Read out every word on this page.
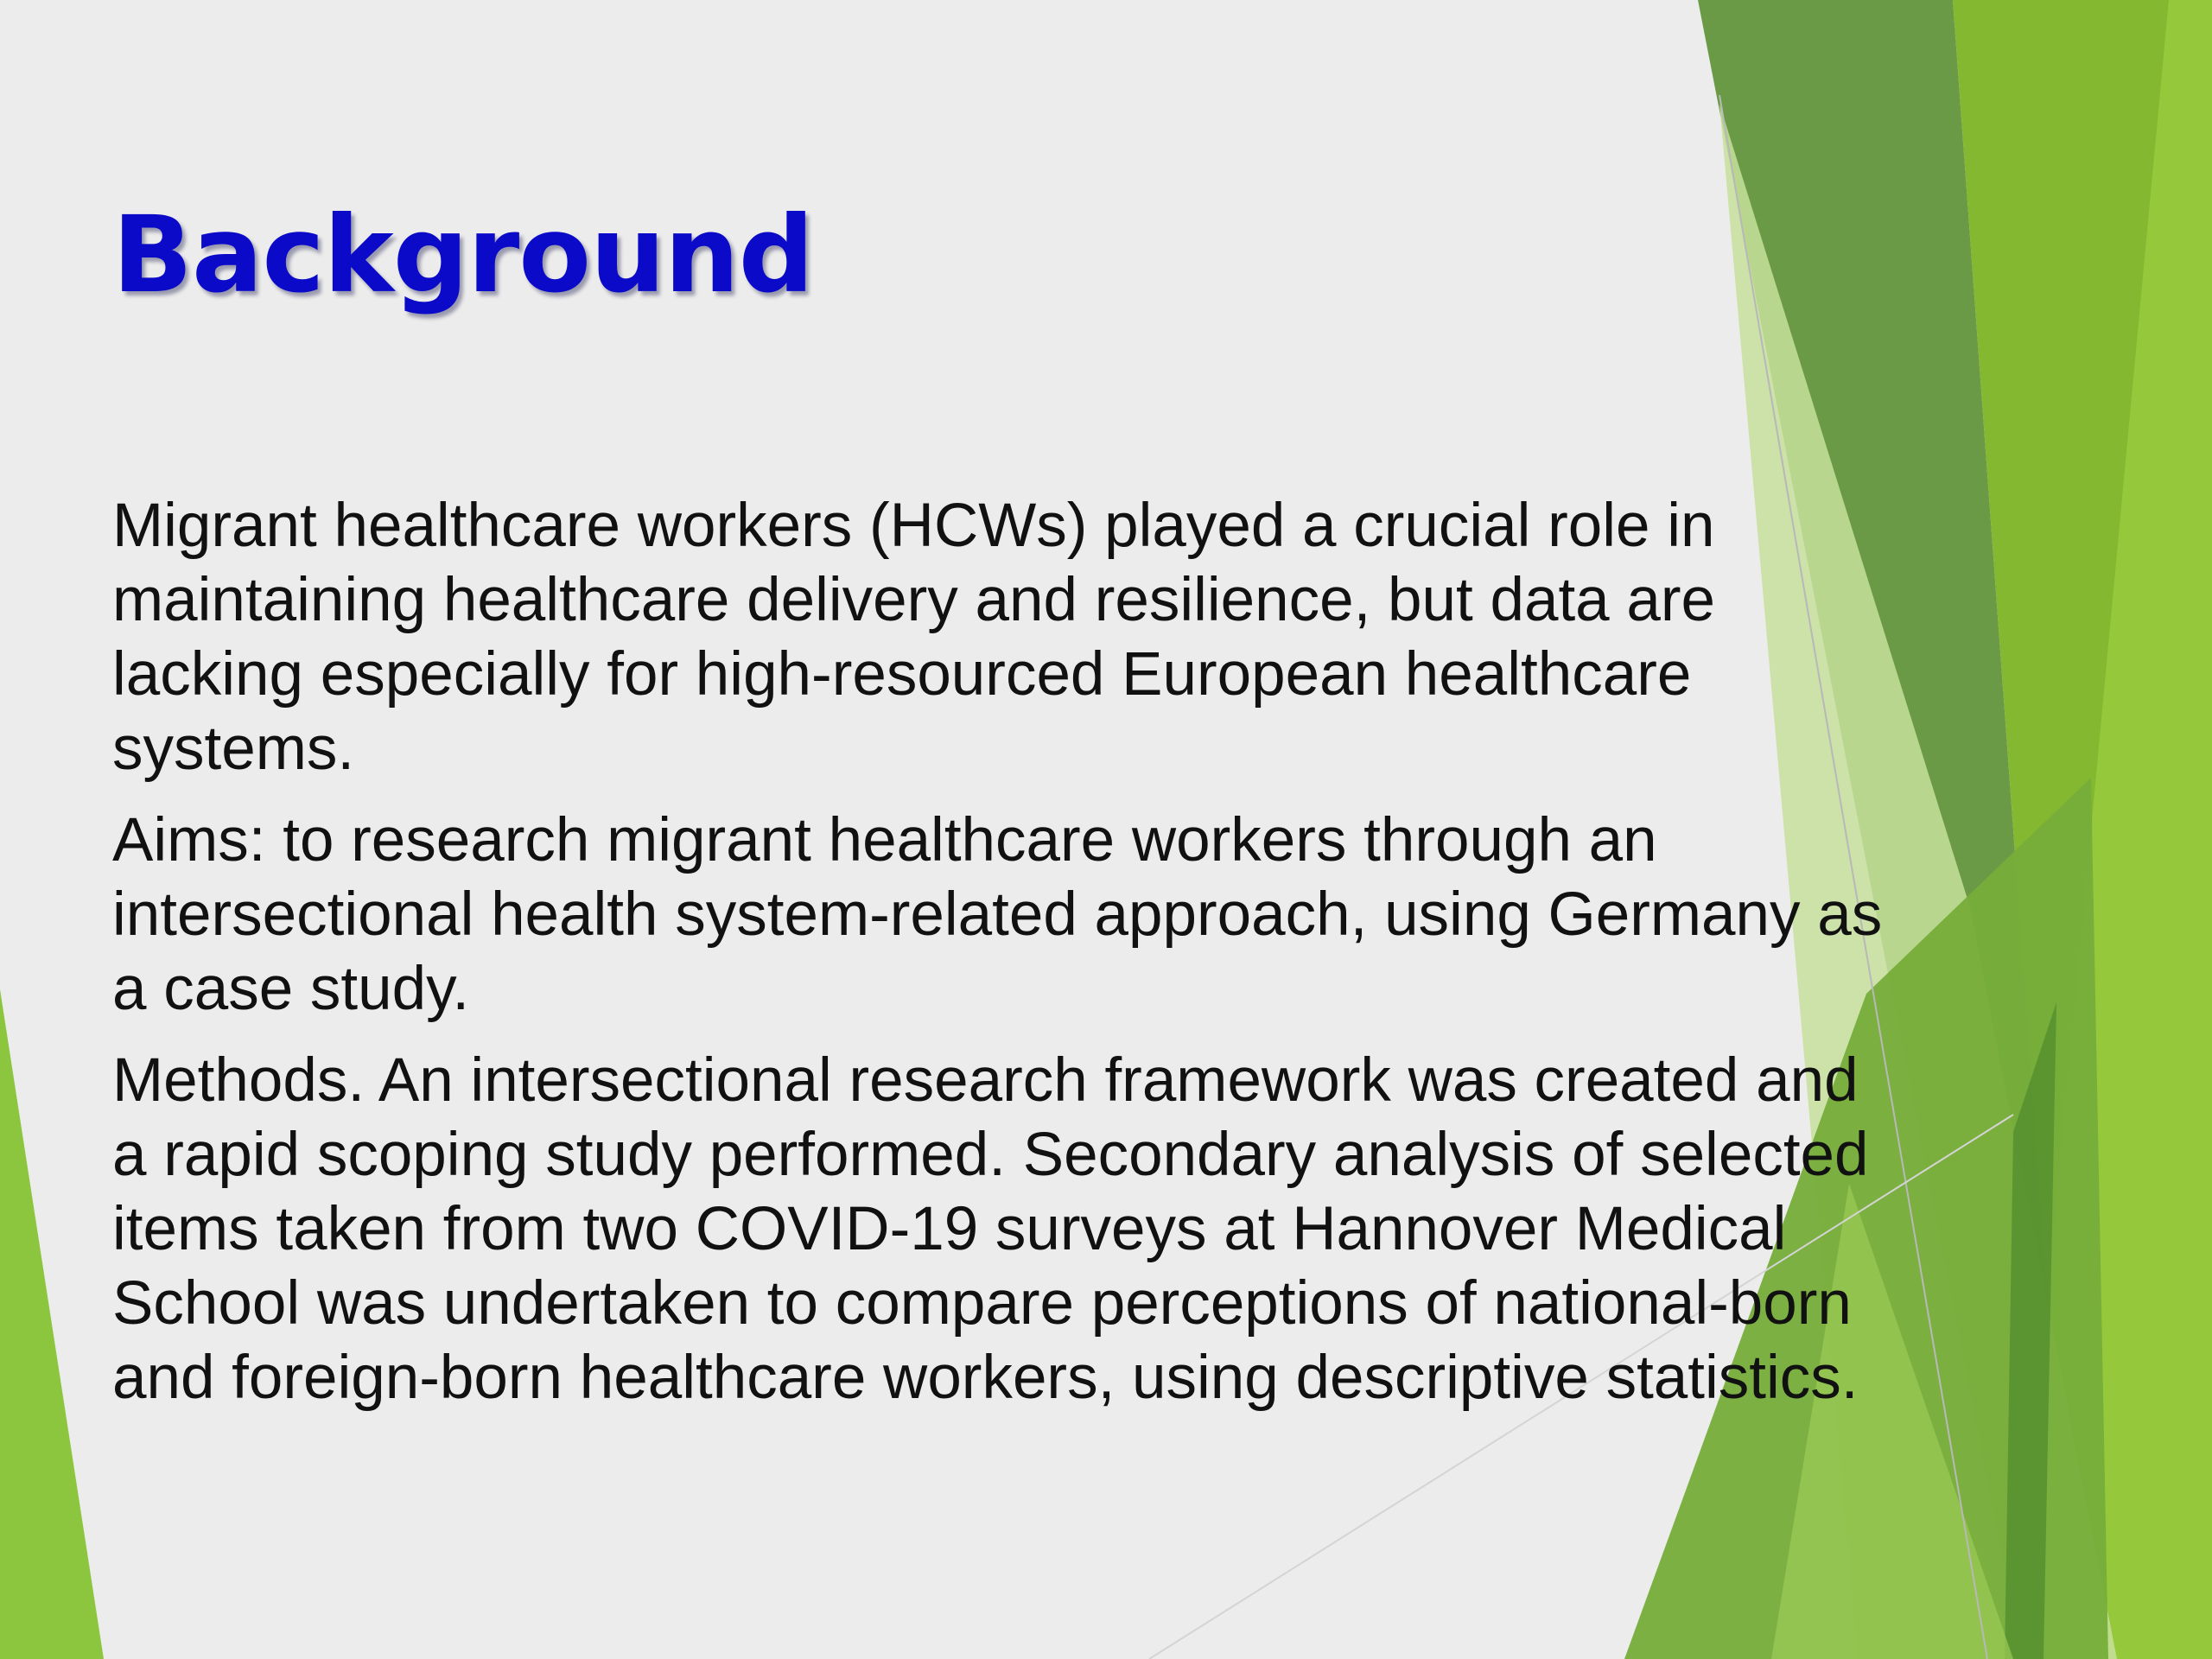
Background

Migrant healthcare workers (HCWs) played a crucial role in maintaining healthcare delivery and resilience, but data are lacking especially for high-resourced European healthcare systems.

Aims: to research migrant healthcare workers through an intersectional health system-related approach, using Germany as a case study.

Methods. An intersectional research framework was created and a rapid scoping study performed. Secondary analysis of selected items taken from two COVID-19 surveys at Hannover Medical School was undertaken to compare perceptions of national-born and foreign-born healthcare workers, using descriptive statistics.
